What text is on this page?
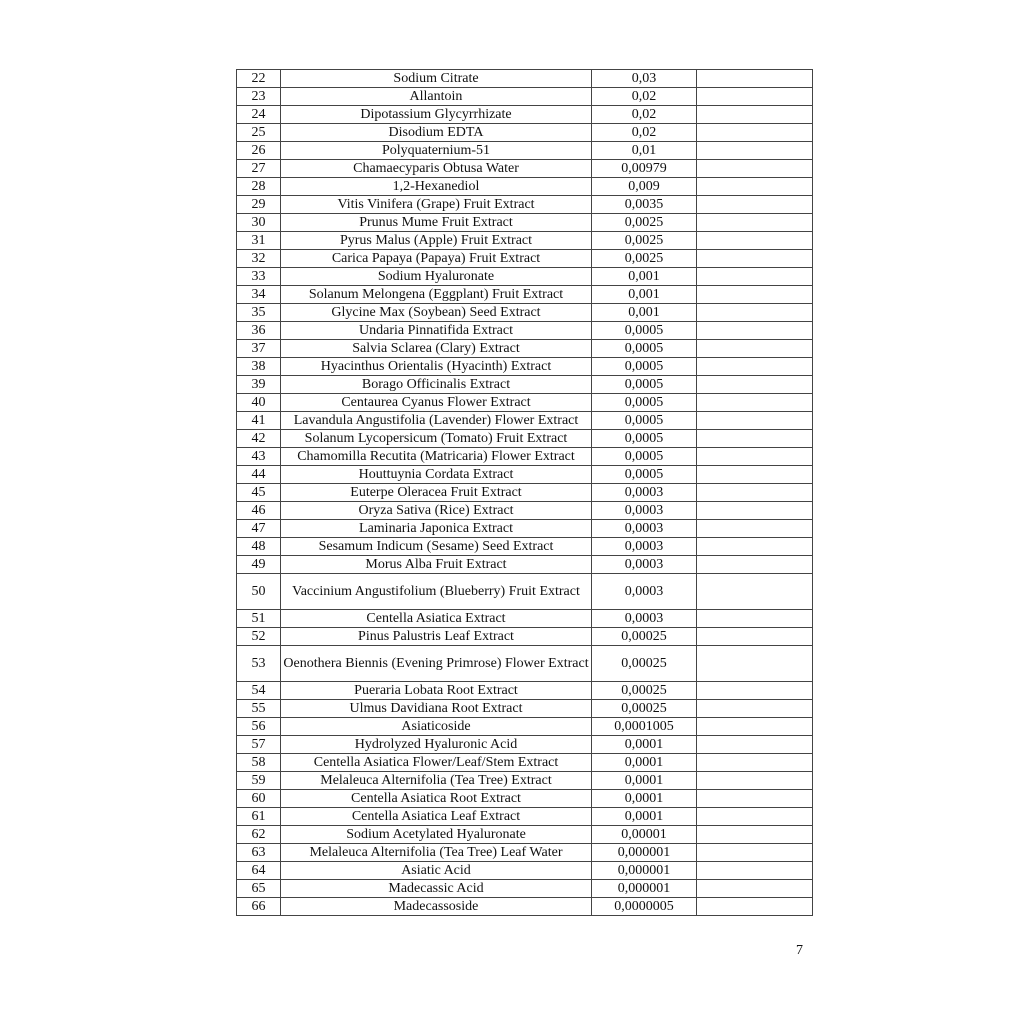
22	Sodium Citrate	0,03	
23	Allantoin	0,02	
24	Dipotassium Glycyrrhizate	0,02	
25	Disodium EDTA	0,02	
26	Polyquaternium-51	0,01	
27	Chamaecyparis Obtusa Water	0,00979	
28	1,2-Hexanediol	0,009	
29	Vitis Vinifera (Grape) Fruit Extract	0,0035	
30	Prunus Mume Fruit Extract	0,0025	
31	Pyrus Malus (Apple) Fruit Extract	0,0025	
32	Carica Papaya (Papaya) Fruit Extract	0,0025	
33	Sodium Hyaluronate	0,001	
34	Solanum Melongena (Eggplant) Fruit Extract	0,001	
35	Glycine Max (Soybean) Seed Extract	0,001	
36	Undaria Pinnatifida Extract	0,0005	
37	Salvia Sclarea (Clary) Extract	0,0005	
38	Hyacinthus Orientalis (Hyacinth) Extract	0,0005	
39	Borago Officinalis Extract	0,0005	
40	Centaurea Cyanus Flower Extract	0,0005	
41	Lavandula Angustifolia (Lavender) Flower Extract	0,0005	
42	Solanum Lycopersicum (Tomato) Fruit Extract	0,0005	
43	Chamomilla Recutita (Matricaria) Flower Extract	0,0005	
44	Houttuynia Cordata Extract	0,0005	
45	Euterpe Oleracea Fruit Extract	0,0003	
46	Oryza Sativa (Rice) Extract	0,0003	
47	Laminaria Japonica Extract	0,0003	
48	Sesamum Indicum (Sesame) Seed Extract	0,0003	
49	Morus Alba Fruit Extract	0,0003	
50	Vaccinium Angustifolium (Blueberry) Fruit Extract	0,0003	
51	Centella Asiatica Extract	0,0003	
52	Pinus Palustris Leaf Extract	0,00025	
53	Oenothera Biennis (Evening Primrose) Flower Extract	0,00025	
54	Pueraria Lobata Root Extract	0,00025	
55	Ulmus Davidiana Root Extract	0,00025	
56	Asiaticoside	0,0001005	
57	Hydrolyzed Hyaluronic Acid	0,0001	
58	Centella Asiatica Flower/Leaf/Stem Extract	0,0001	
59	Melaleuca Alternifolia (Tea Tree) Extract	0,0001	
60	Centella Asiatica Root Extract	0,0001	
61	Centella Asiatica Leaf Extract	0,0001	
62	Sodium Acetylated Hyaluronate	0,00001	
63	Melaleuca Alternifolia (Tea Tree) Leaf Water	0,000001	
64	Asiatic Acid	0,000001	
65	Madecassic Acid	0,000001	
66	Madecassoside	0,0000005	
7
